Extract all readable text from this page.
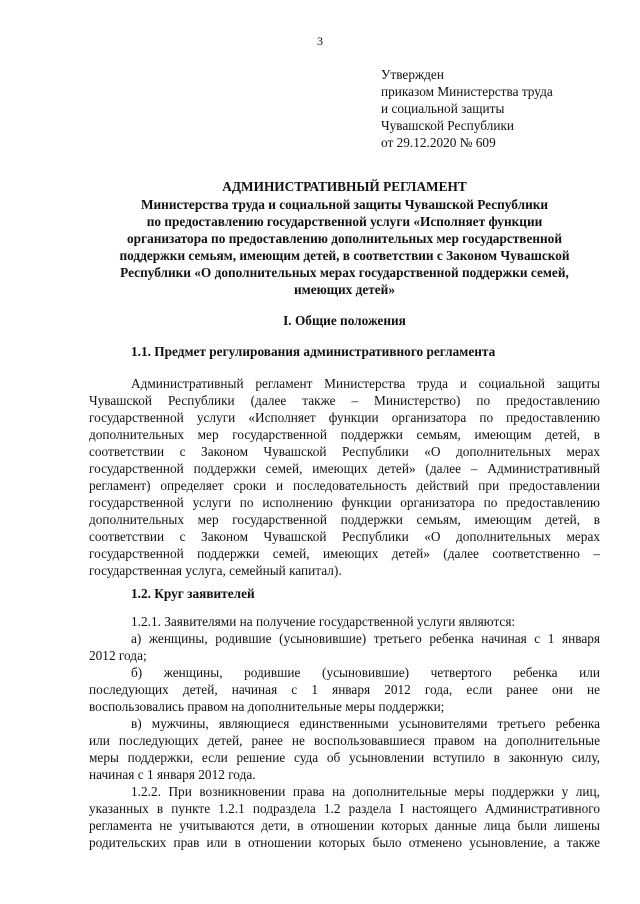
3
Утвержден
приказом Министерства труда
и социальной защиты
Чувашской Республики
от 29.12.2020 № 609
АДМИНИСТРАТИВНЫЙ РЕГЛАМЕНТ
Министерства труда и социальной защиты Чувашской Республики
по предоставлению государственной услуги «Исполняет функции
организатора по предоставлению дополнительных мер государственной
поддержки семьям, имеющим детей, в соответствии с Законом Чувашской
Республики «О дополнительных мерах государственной поддержки семей,
имеющих детей»
I. Общие положения
1.1. Предмет регулирования административного регламента
Административный регламент Министерства труда и социальной защиты
Чувашской Республики (далее также – Министерство) по предоставлению
государственной услуги «Исполняет функции организатора по предоставлению
дополнительных мер государственной поддержки семьям, имеющим детей, в
соответствии с Законом Чувашской Республики «О дополнительных мерах
государственной поддержки семей, имеющих детей» (далее – Административный
регламент) определяет сроки и последовательность действий при предоставлении
государственной услуги по исполнению функции организатора по предоставлению
дополнительных мер государственной поддержки семьям, имеющим детей, в
соответствии с Законом Чувашской Республики «О дополнительных мерах
государственной поддержки семей, имеющих детей» (далее соответственно –
государственная услуга, семейный капитал).
1.2. Круг заявителей
1.2.1. Заявителями на получение государственной услуги являются:
а) женщины, родившие (усыновившие) третьего ребенка начиная с 1 января
2012 года;
б) женщины, родившие (усыновившие) четвертого ребенка или
последующих детей, начиная с 1 января 2012 года, если ранее они не
воспользовались правом на дополнительные меры поддержки;
в) мужчины, являющиеся единственными усыновителями третьего ребенка
или последующих детей, ранее не воспользовавшиеся правом на дополнительные
меры поддержки, если решение суда об усыновлении вступило в законную силу,
начиная с 1 января 2012 года.
1.2.2. При возникновении права на дополнительные меры поддержки у лиц,
указанных в пункте 1.2.1 подраздела 1.2 раздела I настоящего Административного
регламента не учитываются дети, в отношении которых данные лица были лишены
родительских прав или в отношении которых было отменено усыновление, а также
